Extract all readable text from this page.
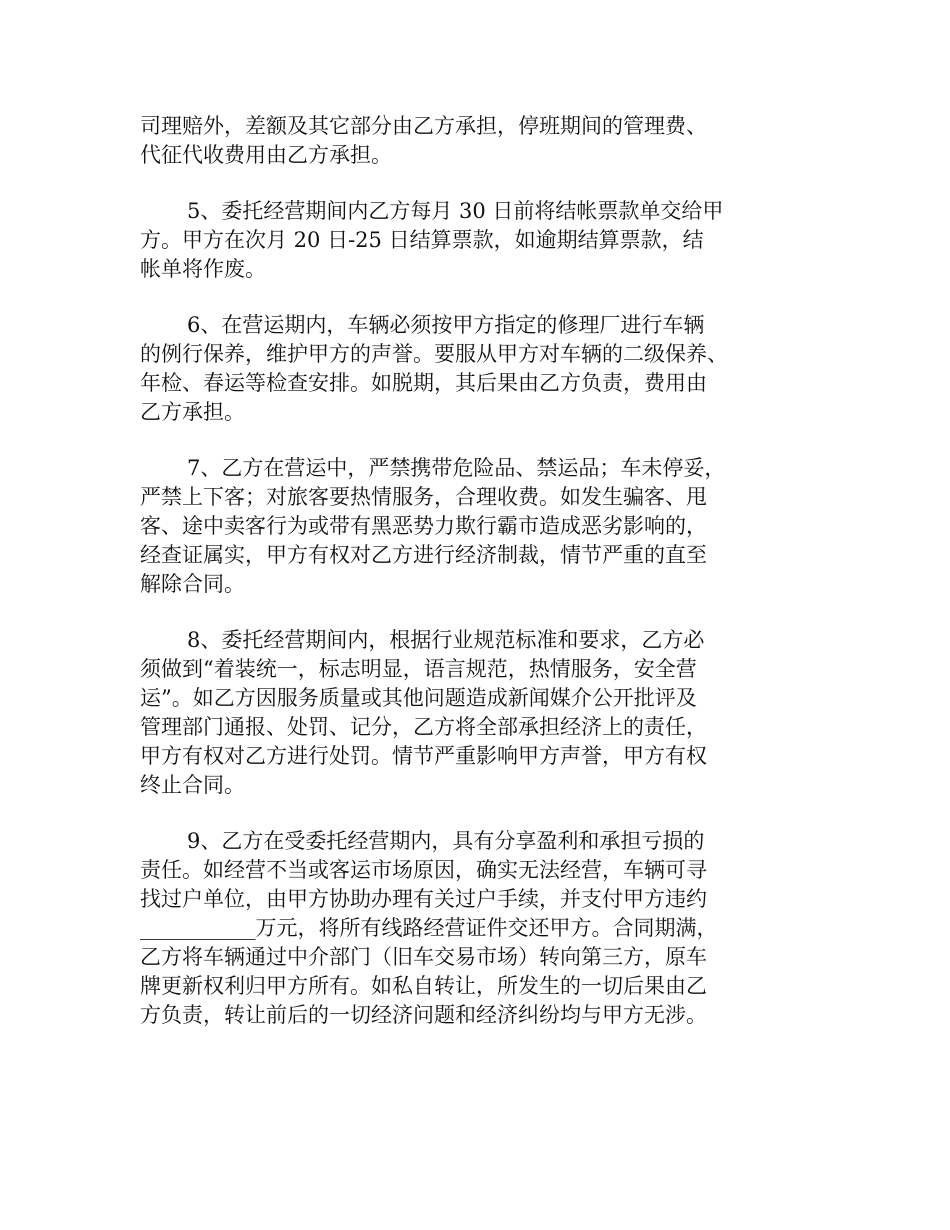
司理赔外，差额及其它部分由乙方承担，停班期间的管理费、
代征代收费用由乙方承担。

5、委托经营期间内乙方每月 30 日前将结帐票款单交给甲
方。甲方在次月 20 日-25 日结算票款，如逾期结算票款，结
帐单将作废。

6、在营运期内，车辆必须按甲方指定的修理厂进行车辆
的例行保养，维护甲方的声誉。要服从甲方对车辆的二级保养、
年检、春运等检查安排。如脱期，其后果由乙方负责，费用由
乙方承担。

7、乙方在营运中，严禁携带危险品、禁运品；车未停妥，
严禁上下客；对旅客要热情服务，合理收费。如发生骗客、甩
客、途中卖客行为或带有黑恶势力欺行霸市造成恶劣影响的，
经查证属实，甲方有权对乙方进行经济制裁，情节严重的直至
解除合同。

8、委托经营期间内，根据行业规范标准和要求，乙方必
须做到“着装统一，标志明显，语言规范，热情服务，安全营
运”。如乙方因服务质量或其他问题造成新闻媒介公开批评及
管理部门通报、处罚、记分，乙方将全部承担经济上的责任，
甲方有权对乙方进行处罚。情节严重影响甲方声誉，甲方有权
终止合同。

9、乙方在受委托经营期内，具有分享盈利和承担亏损的
责任。如经营不当或客运市场原因，确实无法经营，车辆可寻
找过户单位，由甲方协助办理有关过户手续，并支付甲方违约
___________万元，将所有线路经营证件交还甲方。合同期满，
乙方将车辆通过中介部门（旧车交易市场）转向第三方，原车
牌更新权利归甲方所有。如私自转让，所发生的一切后果由乙
方负责，转让前后的一切经济问题和经济纠纷均与甲方无涉。
